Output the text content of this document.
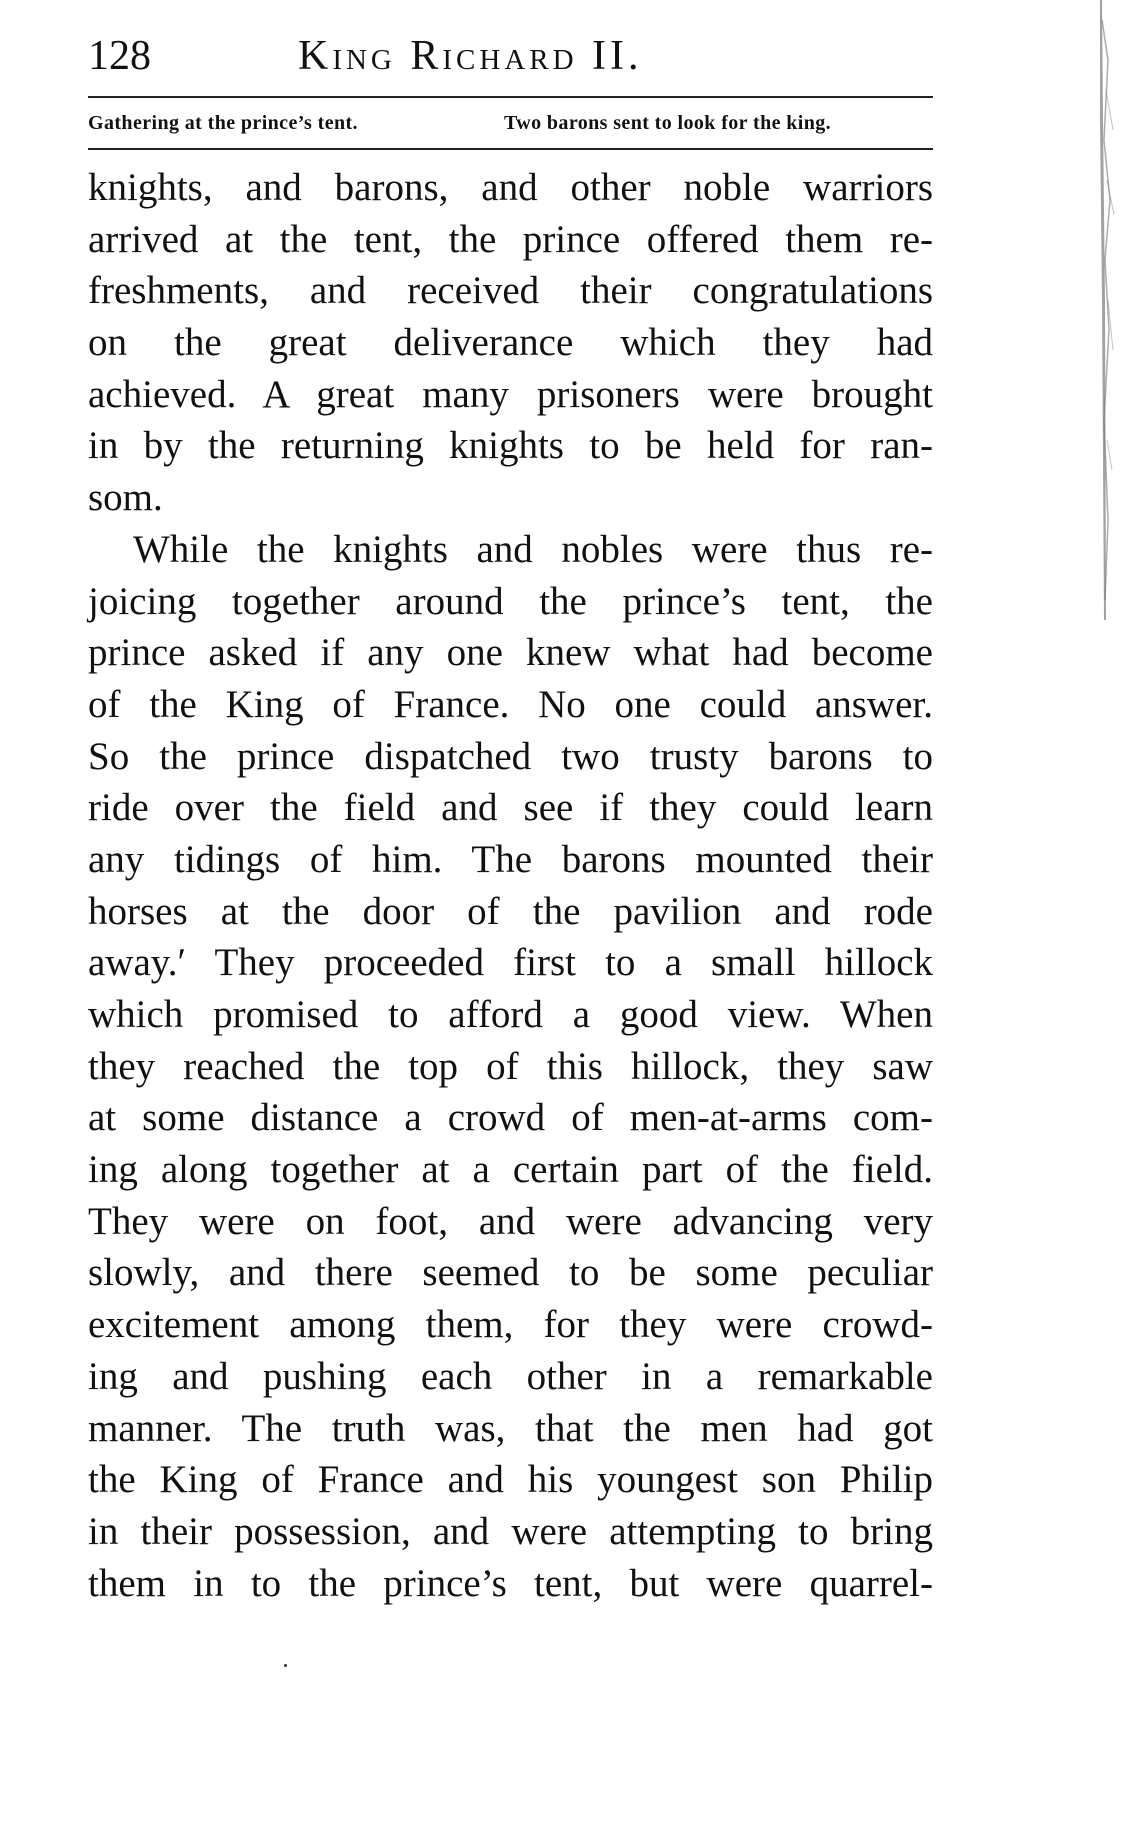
128	King Richard II.
Gathering at the prince’s tent.	Two barons sent to look for the king.
knights, and barons, and other noble warriors
arrived at the tent, the prince offered them re-
freshments, and received their congratulations
on the great deliverance which they had
achieved. A great many prisoners were brought
in by the returning knights to be held for ran-
som.
While the knights and nobles were thus re-
joicing together around the prince’s tent, the
prince asked if any one knew what had become
of the King of France. No one could answer.
So the prince dispatched two trusty barons to
ride over the field and see if they could learn
any tidings of him. The barons mounted their
horses at the door of the pavilion and rode
away.ʹ They proceeded first to a small hillock
which promised to afford a good view. When
they reached the top of this hillock, they saw
at some distance a crowd of men-at-arms com-
ing along together at a certain part of the field.
They were on foot, and were advancing very
slowly, and there seemed to be some peculiar
excitement among them, for they were crowd-
ing and pushing each other in a remarkable
manner. The truth was, that the men had got
the King of France and his youngest son Philip
in their possession, and were attempting to bring
them in to the prince’s tent, but were quarrel-
